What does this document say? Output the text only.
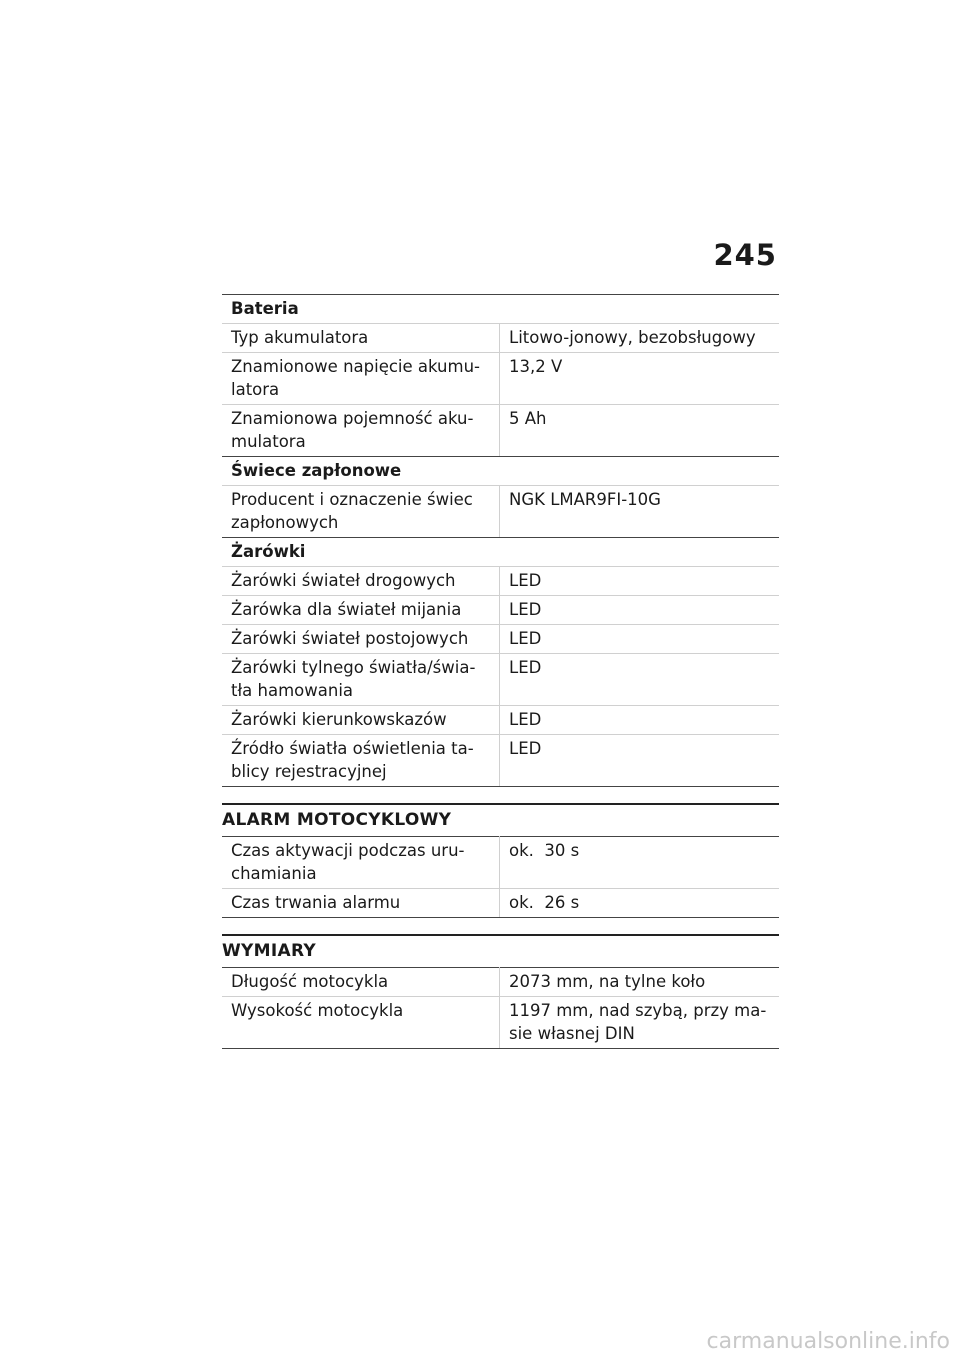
245
Bateria	
Typ akumulatora	Litowo-jonowy, bezobsługowy
Znamionowe napięcie akumu-
latora	13,2 V
Znamionowa pojemność aku-
mulatora	5 Ah
Świece zapłonowe	
Producent i oznaczenie świec
zapłonowych	NGK LMAR9FI-10G
Żarówki	
Żarówki świateł drogowych	LED
Żarówka dla świateł mijania	LED
Żarówki świateł postojowych	LED
Żarówki tylnego światła/świa-
tła hamowania	LED
Żarówki kierunkowskazów	LED
Źródło światła oświetlenia ta-
blicy rejestracyjnej	LED
ALARM MOTOCYKLOWY
Czas aktywacji podczas uru-
chamiania	ok.  30 s
Czas trwania alarmu	ok.  26 s
WYMIARY
Długość motocykla	2073 mm, na tylne koło
Wysokość motocykla	1197 mm, nad szybą, przy ma-
sie własnej DIN
carmanualsonline.info
